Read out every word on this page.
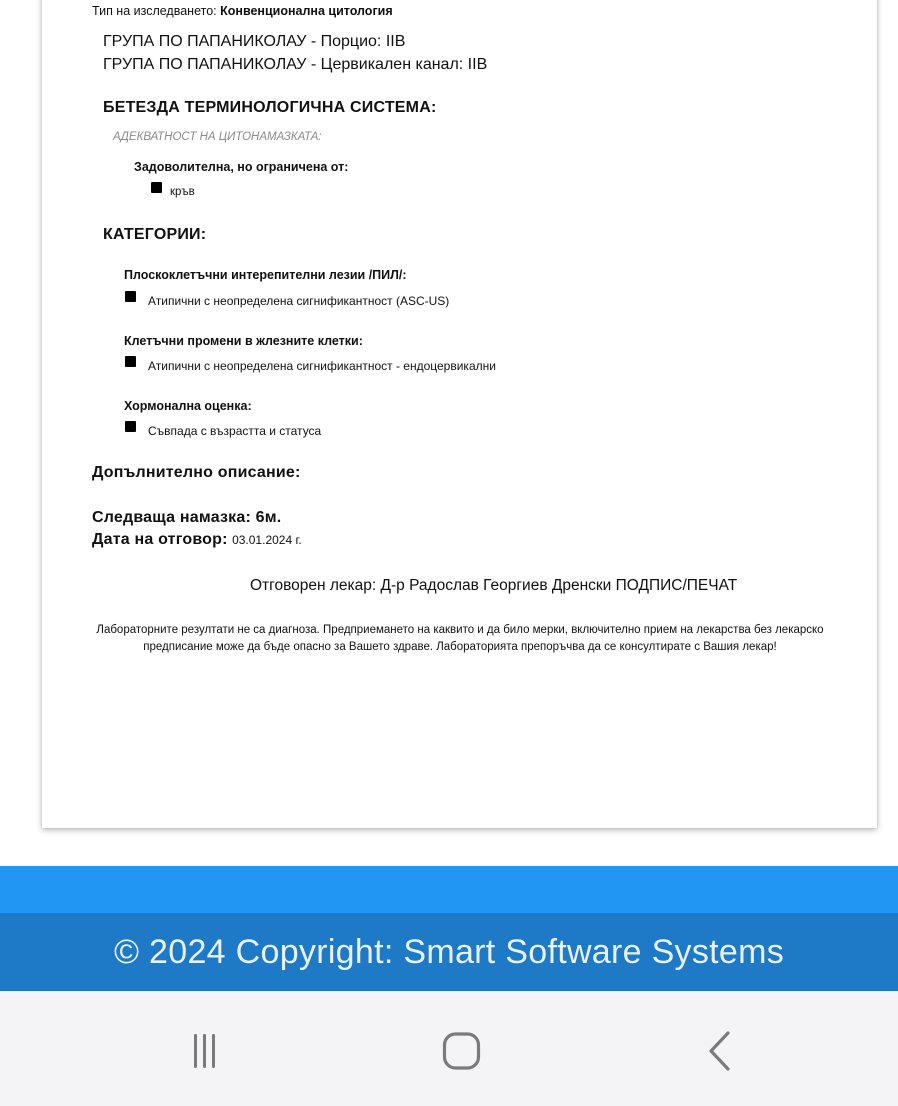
Тип на изследването: Конвенционална цитология
ГРУПА ПО ПАПАНИКОЛАУ - Порцио: IIB
ГРУПА ПО ПАПАНИКОЛАУ - Цервикален канал: IIB
БЕТЕЗДА ТЕРМИНОЛОГИЧНА СИСТЕМА:
АДЕКВАТНОСТ НА ЦИТОНАМАЗКАТА:
Задоволителна, но ограничена от:
кръв
КАТЕГОРИИ:
Плоскоклетъчни интерепителни лезии /ПИЛ/:
Атипични с неопределена сигнификантност (ASC-US)
Клетъчни промени в жлезните клетки:
Атипични с неопределена сигнификантност - ендоцервикални
Хормонална оценка:
Съвпада с възрастта и статуса
Допълнително описание:
Следваща намазка: 6м.
Дата на отговор: 03.01.2024 г.
Отговорен лекар: Д-р Радослав Георгиев Дренски ПОДПИС/ПЕЧАТ
Лабораторните резултати не са диагноза. Предприемането на каквито и да било мерки, включително прием на лекарства без лекарско предписание може да бъде опасно за Вашето здраве. Лабораторията препоръчва да се консултирате с Вашия лекар!
© 2024 Copyright: Smart Software Systems
